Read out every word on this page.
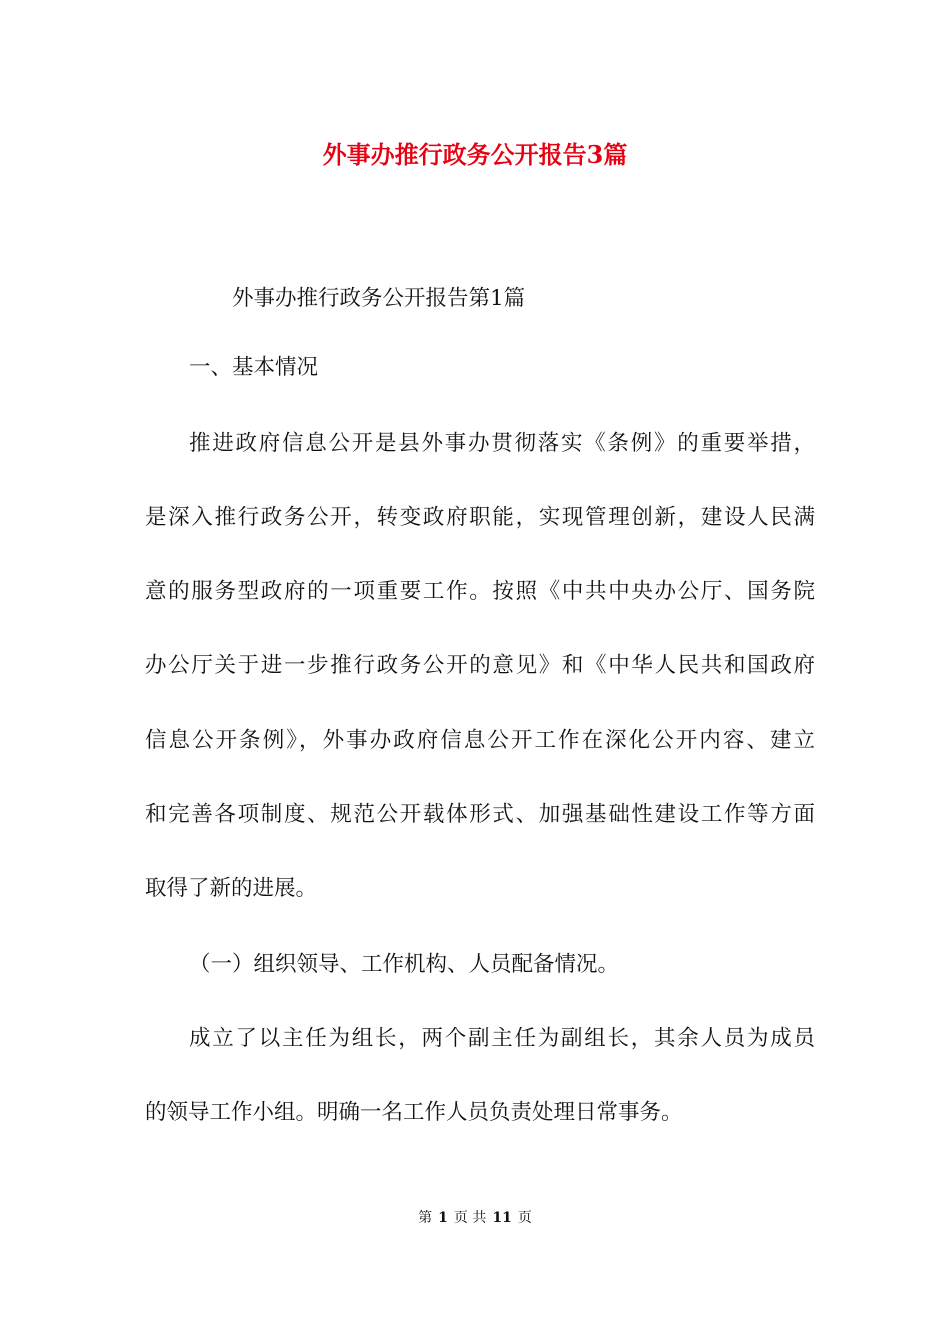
外事办推行政务公开报告3篇
外事办推行政务公开报告第1篇
一、基本情况
推进政府信息公开是县外事办贯彻落实《条例》的重要举措，
是深入推行政务公开，转变政府职能，实现管理创新，建设人民满
意的服务型政府的一项重要工作。按照《中共中央办公厅、国务院
办公厅关于进一步推行政务公开的意见》和《中华人民共和国政府
信息公开条例》，外事办政府信息公开工作在深化公开内容、建立
和完善各项制度、规范公开载体形式、加强基础性建设工作等方面
取得了新的进展。
（一）组织领导、工作机构、人员配备情况。
成立了以主任为组长，两个副主任为副组长，其余人员为成员
的领导工作小组。明确一名工作人员负责处理日常事务。
第 1 页 共 11 页
